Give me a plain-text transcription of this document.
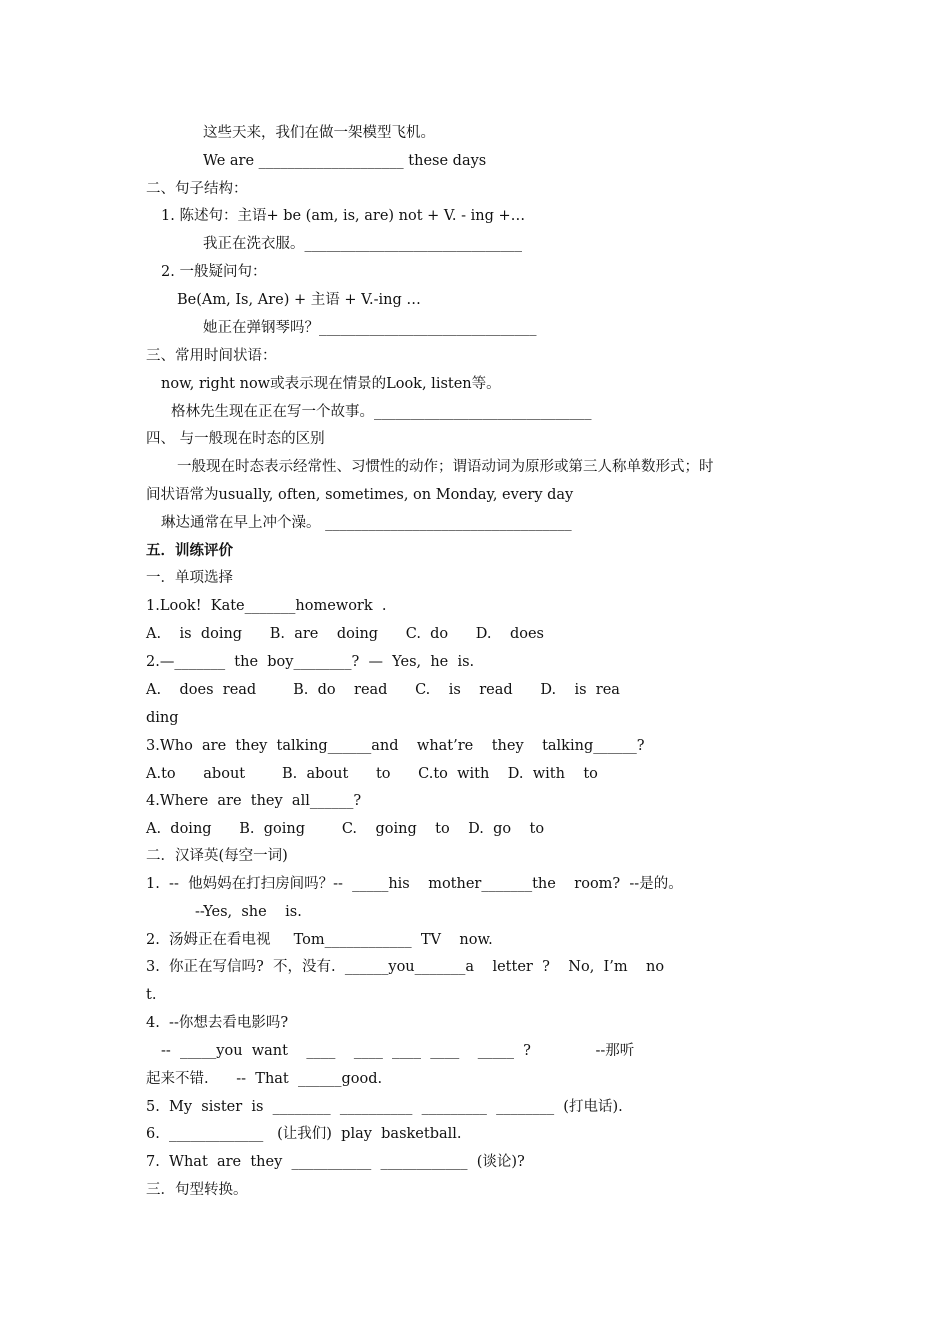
这些天来，我们在做一架模型飞机。
We are ____________________ these days
二、句子结构：
1. 陈述句：主语+ be (am, is, are) not + V. - ing +…
我正在洗衣服。______________________________
2. 一般疑问句：
Be(Am, Is, Are) + 主语 + V.-ing …
她正在弹钢琴吗？______________________________
三、常用时间状语：
now, right now或表示现在情景的Look, listen等。
格林先生现在正在写一个故事。______________________________
四、 与一般现在时态的区别
一般现在时态表示经常性、习惯性的动作；谓语动词为原形或第三人称单数形式；时
间状语常为usually, often, sometimes, on Monday, every day
琳达通常在早上冲个澡。 __________________________________
五．训练评价
一．单项选择
1.Look!  Kate_______homework  .
A.    is  doing      B.  are    doing      C.  do      D.    does
2.—_______  the  boy________?  —  Yes,  he  is.
A.    does  read        B.  do    read      C.    is    read      D.    is  rea
ding
3.Who  are  they  talking______and    what’re    they    talking______?
A.to      about        B.  about      to      C.to  with    D.  with    to
4.Where  are  they  all______?
A.  doing      B.  going        C.    going    to    D.  go    to
二．汉译英(每空一词)
1.  --  他妈妈在打扫房间吗？--  _____his    mother_______the    room?  --是的。
--Yes,  she    is.
2.  汤姆正在看电视     Tom____________  TV    now.
3.  你正在写信吗?  不，没有.  ______you_______a    letter  ?    No,  I’m    no
t.
4.  --你想去看电影吗?
--  _____you  want    ____    ____  ____  ____    _____  ?              --那听
起来不错.      --  That  ______good.
5.  My  sister  is  ________  __________  _________  ________  (打电话).
6.  _____________   (让我们)  play  basketball.
7.  What  are  they  ___________  ____________  (谈论)?
三．句型转换。
